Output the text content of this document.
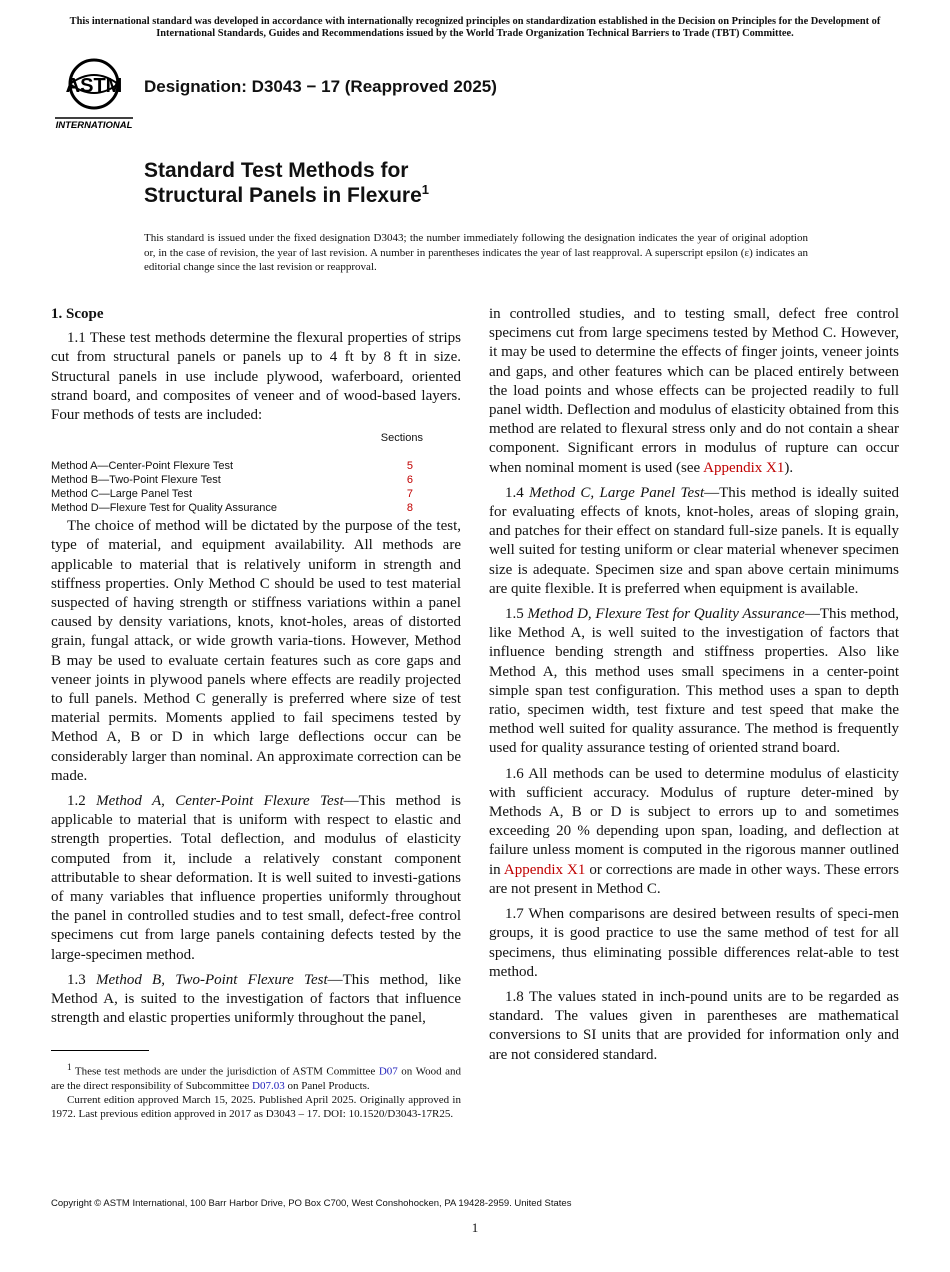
This international standard was developed in accordance with internationally recognized principles on standardization established in the Decision on Principles for the Development of International Standards, Guides and Recommendations issued by the World Trade Organization Technical Barriers to Trade (TBT) Committee.
ASTM
INTERNATIONAL
Designation: D3043 − 17 (Reapproved 2025)
Standard Test Methods for
Structural Panels in Flexure$^1$
This standard is issued under the fixed designation D3043; the number immediately following the designation indicates the year of original adoption or, in the case of revision, the year of last revision. A number in parentheses indicates the year of last reapproval. A superscript epsilon (ε) indicates an editorial change since the last revision or reapproval.

1. Scope

1.1 These test methods determine the flexural properties of strips cut from structural panels or panels up to 4 ft by 8 ft in size. Structural panels in use include plywood, waferboard, oriented strand board, and composites of veneer and of wood-based layers. Four methods of tests are included:

Sections	
Method A—Center-Point Flexure Test	5
Method B—Two-Point Flexure Test	6
Method C—Large Panel Test	7
Method D—Flexure Test for Quality Assurance	8

The choice of method will be dictated by the purpose of the test, type of material, and equipment availability. All methods are applicable to material that is relatively uniform in strength and stiffness properties. Only Method C should be used to test material suspected of having strength or stiffness variations within a panel caused by density variations, knots, knot-holes, areas of distorted grain, fungal attack, or wide growth varia-tions. However, Method B may be used to evaluate certain features such as core gaps and veneer joints in plywood panels where effects are readily projected to full panels. Method C generally is preferred where size of test material permits. Moments applied to fail specimens tested by Method A, B or D in which large deflections occur can be considerably larger than nominal. An approximate correction can be made.

1.2 Method A, Center-Point Flexure Test—This method is applicable to material that is uniform with respect to elastic and strength properties. Total deflection, and modulus of elasticity computed from it, include a relatively constant component attributable to shear deformation. It is well suited to investi-gations of many variables that influence properties uniformly throughout the panel in controlled studies and to test small, defect-free control specimens cut from large panels containing defects tested by the large-specimen method.

1.3 Method B, Two-Point Flexure Test—This method, like Method A, is suited to the investigation of factors that influence strength and elastic properties uniformly throughout the panel,

in controlled studies, and to testing small, defect free control specimens cut from large specimens tested by Method C. However, it may be used to determine the effects of finger joints, veneer joints and gaps, and other features which can be placed entirely between the load points and whose effects can be projected readily to full panel width. Deflection and modulus of elasticity obtained from this method are related to flexural stress only and do not contain a shear component. Significant errors in modulus of rupture can occur when nominal moment is used (see Appendix X1).

1.4 Method C, Large Panel Test—This method is ideally suited for evaluating effects of knots, knot-holes, areas of sloping grain, and patches for their effect on standard full-size panels. It is equally well suited for testing uniform or clear material whenever specimen size is adequate. Specimen size and span above certain minimums are quite flexible. It is preferred when equipment is available.

1.5 Method D, Flexure Test for Quality Assurance—This method, like Method A, is well suited to the investigation of factors that influence bending strength and stiffness properties. Also like Method A, this method uses small specimens in a center-point simple span test configuration. This method uses a span to depth ratio, specimen width, test fixture and test speed that make the method well suited for quality assurance. The method is frequently used for quality assurance testing of oriented strand board.

1.6 All methods can be used to determine modulus of elasticity with sufficient accuracy. Modulus of rupture deter-mined by Methods A, B or D is subject to errors up to and sometimes exceeding 20 % depending upon span, loading, and deflection at failure unless moment is computed in the rigorous manner outlined in Appendix X1 or corrections are made in other ways. These errors are not present in Method C.

1.7 When comparisons are desired between results of speci-men groups, it is good practice to use the same method of test for all specimens, thus eliminating possible differences relat-able to test method.

1.8 The values stated in inch-pound units are to be regarded as standard. The values given in parentheses are mathematical conversions to SI units that are provided for information only and are not considered standard.

$^1$ These test methods are under the jurisdiction of ASTM Committee D07 on Wood and are the direct responsibility of Subcommittee D07.03 on Panel Products.

Current edition approved March 15, 2025. Published April 2025. Originally approved in 1972. Last previous edition approved in 2017 as D3043 – 17. DOI: 10.1520/D3043-17R25.

Copyright © ASTM International, 100 Barr Harbor Drive, PO Box C700, West Conshohocken, PA 19428-2959. United States
1
